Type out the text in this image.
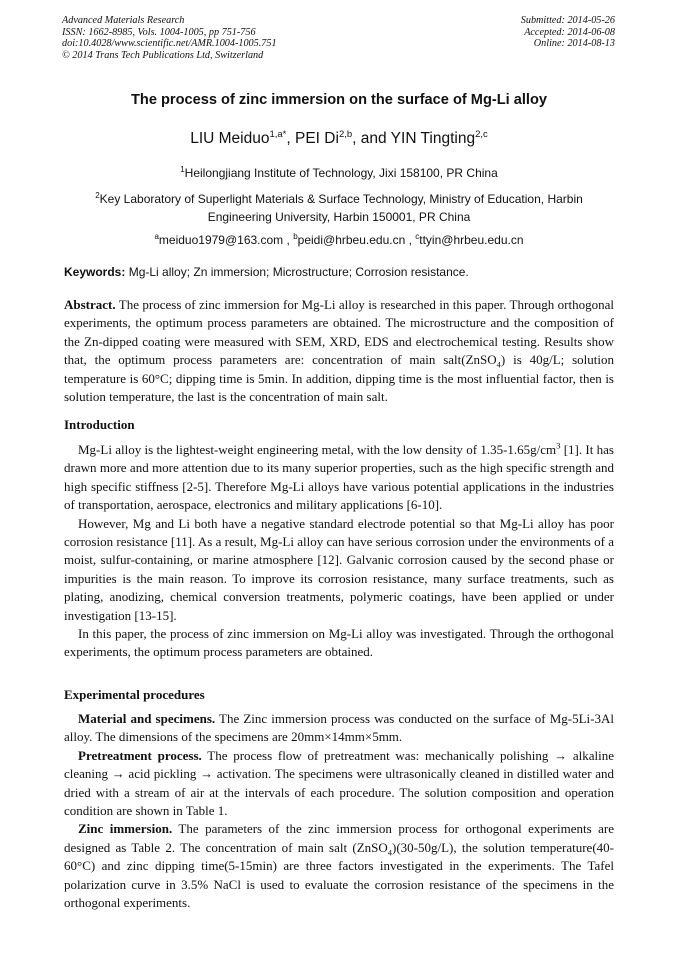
Advanced Materials Research
ISSN: 1662-8985, Vols. 1004-1005, pp 751-756
doi:10.4028/www.scientific.net/AMR.1004-1005.751
© 2014 Trans Tech Publications Ltd, Switzerland
Submitted: 2014-05-26
Accepted: 2014-06-08
Online: 2014-08-13
The process of zinc immersion on the surface of Mg-Li alloy
LIU Meiduo$^{1,a*}$, PEI Di$^{2,b}$, and YIN Tingting$^{2,c}$
$^1$Heilongjiang Institute of Technology, Jixi 158100, PR China
$^2$Key Laboratory of Superlight Materials & Surface Technology, Ministry of Education, Harbin
Engineering University, Harbin 150001, PR China
$^a$meiduo1979@163.com , $^b$peidi@hrbeu.edu.cn , $^c$ttyin@hrbeu.edu.cn
Keywords: Mg-Li alloy; Zn immersion; Microstructure; Corrosion resistance.

Abstract. The process of zinc immersion for Mg-Li alloy is researched in this paper. Through orthogonal experiments, the optimum process parameters are obtained. The microstructure and the composition of the Zn-dipped coating were measured with SEM, XRD, EDS and electrochemical testing. Results show that, the optimum process parameters are: concentration of main salt(ZnSO$_4$) is 40g/L; solution temperature is 60°C; dipping time is 5min. In addition, dipping time is the most influential factor, then is solution temperature, the last is the concentration of main salt.

Introduction

Mg-Li alloy is the lightest-weight engineering metal, with the low density of $1.35-1.65g/cm^3$ [1]. It has drawn more and more attention due to its many superior properties, such as the high specific strength and high specific stiffness [2-5]. Therefore Mg-Li alloys have various potential applications in the industries of transportation, aerospace, electronics and military applications [6-10].

However, Mg and Li both have a negative standard electrode potential so that Mg-Li alloy has poor corrosion resistance [11]. As a result, Mg-Li alloy can have serious corrosion under the environments of a moist, sulfur-containing, or marine atmosphere [12]. Galvanic corrosion caused by the second phase or impurities is the main reason. To improve its corrosion resistance, many surface treatments, such as plating, anodizing, chemical conversion treatments, polymeric coatings, have been applied or under investigation [13-15].

In this paper, the process of zinc immersion on Mg-Li alloy was investigated. Through the orthogonal experiments, the optimum process parameters are obtained.

Experimental procedures

Material and specimens. The Zinc immersion process was conducted on the surface of Mg-5Li-3Al alloy. The dimensions of the specimens are 20mm×14mm×5mm.

Pretreatment process. The process flow of pretreatment was: mechanically polishing → alkaline cleaning → acid pickling → activation. The specimens were ultrasonically cleaned in distilled water and dried with a stream of air at the intervals of each procedure. The solution composition and operation condition are shown in Table 1.

Zinc immersion. The parameters of the zinc immersion process for orthogonal experiments are designed as Table 2. The concentration of main salt (ZnSO$_4$)(30-50g/L), the solution temperature(40-60°C) and zinc dipping time(5-15min) are three factors investigated in the experiments. The Tafel polarization curve in 3.5% NaCl is used to evaluate the corrosion resistance of the specimens in the orthogonal experiments.
